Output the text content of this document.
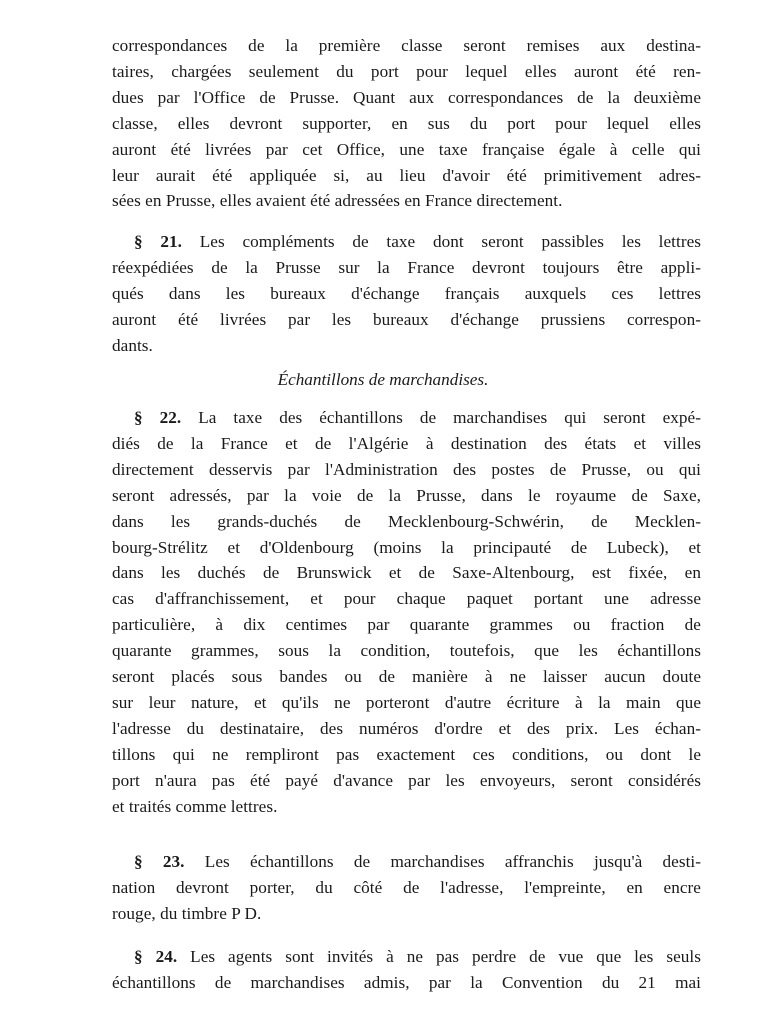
correspondances de la première classe seront remises aux destina-
taires, chargées seulement du port pour lequel elles auront été ren-
dues par l'Office de Prusse. Quant aux correspondances de la deuxième
classe, elles devront supporter, en sus du port pour lequel elles
auront été livrées par cet Office, une taxe française égale à celle qui
leur aurait été appliquée si, au lieu d'avoir été primitivement adres-
sées en Prusse, elles avaient été adressées en France directement.
§ 21. Les compléments de taxe dont seront passibles les lettres
réexpédiées de la Prusse sur la France devront toujours être appli-
qués dans les bureaux d'échange français auxquels ces lettres
auront été livrées par les bureaux d'échange prussiens correspon-
dants.
Échantillons de marchandises.
§ 22. La taxe des échantillons de marchandises qui seront expé-
diés de la France et de l'Algérie à destination des états et villes
directement desservis par l'Administration des postes de Prusse, ou qui
seront adressés, par la voie de la Prusse, dans le royaume de Saxe,
dans les grands-duchés de Mecklenbourg-Schwérin, de Mecklen-
bourg-Strélitz et d'Oldenbourg (moins la principauté de Lubeck), et
dans les duchés de Brunswick et de Saxe-Altenbourg, est fixée, en
cas d'affranchissement, et pour chaque paquet portant une adresse
particulière, à dix centimes par quarante grammes ou fraction de
quarante grammes, sous la condition, toutefois, que les échantillons
seront placés sous bandes ou de manière à ne laisser aucun doute
sur leur nature, et qu'ils ne porteront d'autre écriture à la main que
l'adresse du destinataire, des numéros d'ordre et des prix. Les échan-
tillons qui ne rempliront pas exactement ces conditions, ou dont le
port n'aura pas été payé d'avance par les envoyeurs, seront considérés
et traités comme lettres.
§ 23. Les échantillons de marchandises affranchis jusqu'à desti-
nation devront porter, du côté de l'adresse, l'empreinte, en encre
rouge, du timbre P D.
§ 24. Les agents sont invités à ne pas perdre de vue que les seuls
échantillons de marchandises admis, par la Convention du 21 mai
